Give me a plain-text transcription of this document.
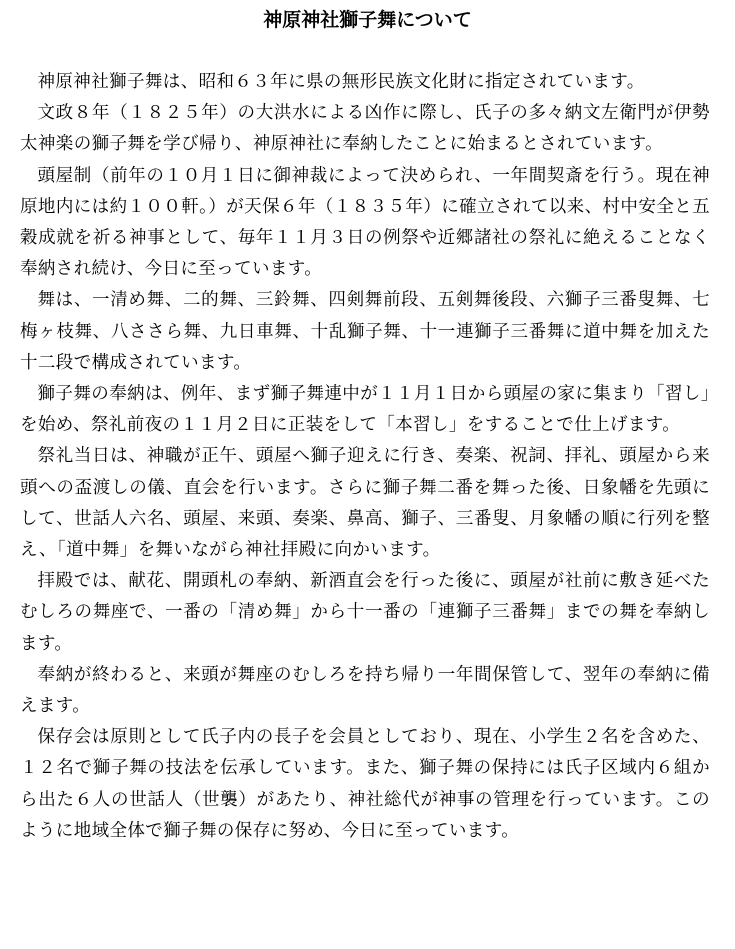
神原神社獅子舞について

神原神社獅子舞は、昭和６３年に県の無形民族文化財に指定されています。

文政８年（１８２５年）の大洪水による凶作に際し、氏子の多々納文左衛門が伊勢太神楽の獅子舞を学び帰り、神原神社に奉納したことに始まるとされています。

頭屋制（前年の１０月１日に御神裁によって決められ、一年間契斎を行う。現在神原地内には約１００軒。）が天保６年（１８３５年）に確立されて以来、村中安全と五穀成就を祈る神事として、毎年１１月３日の例祭や近郷諸社の祭礼に絶えることなく奉納され続け、今日に至っています。

舞は、一清め舞、二的舞、三鈴舞、四剣舞前段、五剣舞後段、六獅子三番叟舞、七梅ヶ枝舞、八ささら舞、九日車舞、十乱獅子舞、十一連獅子三番舞に道中舞を加えた十二段で構成されています。

獅子舞の奉納は、例年、まず獅子舞連中が１１月１日から頭屋の家に集まり「習し」を始め、祭礼前夜の１１月２日に正装をして「本習し」をすることで仕上げます。

祭礼当日は、神職が正午、頭屋へ獅子迎えに行き、奏楽、祝詞、拝礼、頭屋から来頭への盃渡しの儀、直会を行います。さらに獅子舞二番を舞った後、日象幡を先頭にして、世話人六名、頭屋、来頭、奏楽、鼻高、獅子、三番叟、月象幡の順に行列を整え、「道中舞」を舞いながら神社拝殿に向かいます。

拝殿では、献花、開頭札の奉納、新酒直会を行った後に、頭屋が社前に敷き延べたむしろの舞座で、一番の「清め舞」から十一番の「連獅子三番舞」までの舞を奉納します。

奉納が終わると、来頭が舞座のむしろを持ち帰り一年間保管して、翌年の奉納に備えます。

保存会は原則として氏子内の長子を会員としており、現在、小学生２名を含めた、１２名で獅子舞の技法を伝承しています。また、獅子舞の保持には氏子区域内６組から出た６人の世話人（世襲）があたり、神社総代が神事の管理を行っています。このように地域全体で獅子舞の保存に努め、今日に至っています。
